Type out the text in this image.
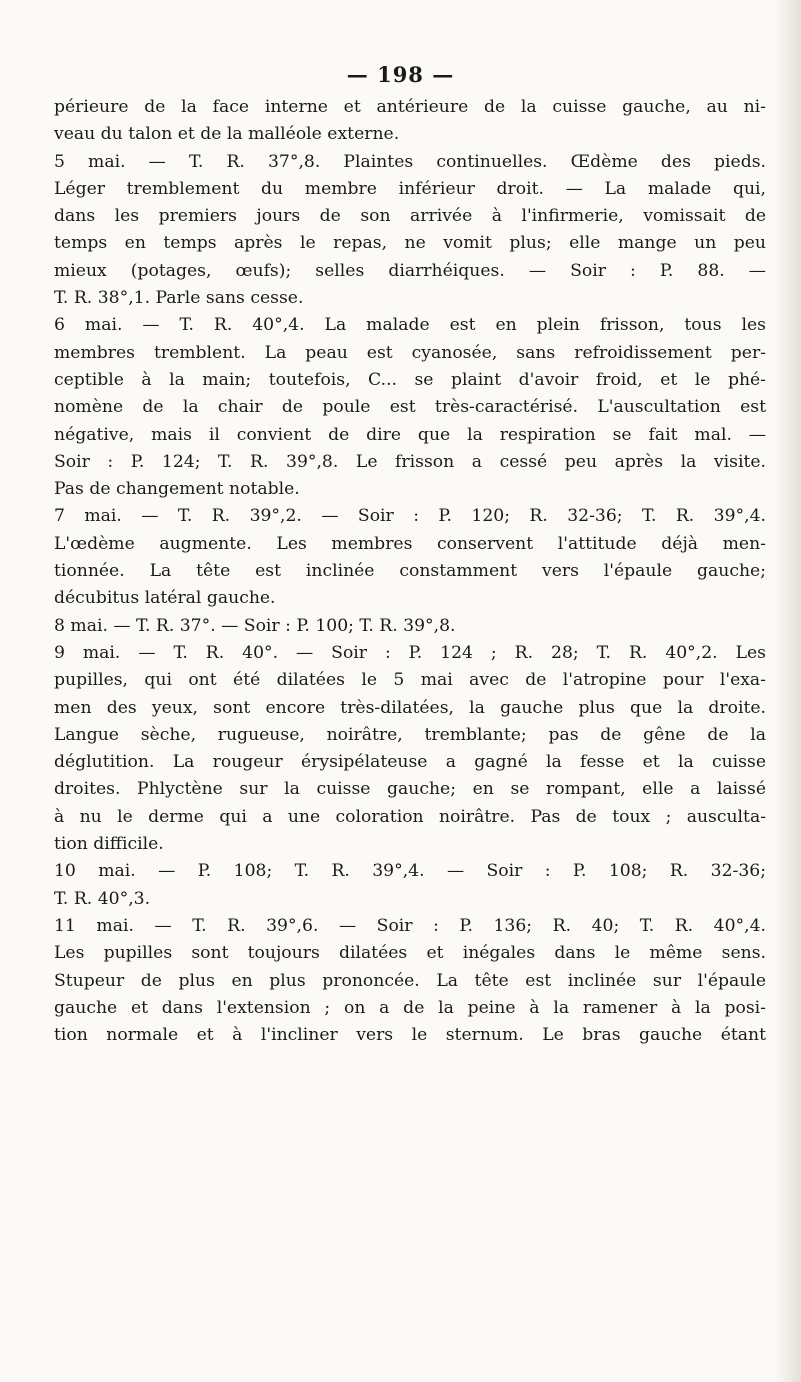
— 198 —
périeure de la face interne et antérieure de la cuisse gauche, au ni-
veau du talon et de la malléole externe.
5 mai. — T. R. 37°,8. Plaintes continuelles. Œdème des pieds.
Léger tremblement du membre inférieur droit. — La malade qui,
dans les premiers jours de son arrivée à l'infirmerie, vomissait de
temps en temps après le repas, ne vomit plus; elle mange un peu
mieux (potages, œufs); selles diarrhéiques. — Soir : P. 88. —
T. R. 38°,1. Parle sans cesse.
6 mai. — T. R. 40°,4. La malade est en plein frisson, tous les
membres tremblent. La peau est cyanosée, sans refroidissement per-
ceptible à la main; toutefois, C... se plaint d'avoir froid, et le phé-
nomène de la chair de poule est très-caractérisé. L'auscultation est
négative, mais il convient de dire que la respiration se fait mal. —
Soir : P. 124; T. R. 39°,8. Le frisson a cessé peu après la visite.
Pas de changement notable.
7 mai. — T. R. 39°,2. — Soir : P. 120; R. 32-36; T. R. 39°,4.
L'œdème augmente. Les membres conservent l'attitude déjà men-
tionnée. La tête est inclinée constamment vers l'épaule gauche;
décubitus latéral gauche.
8 mai. — T. R. 37°. — Soir : P. 100; T. R. 39°,8.
9 mai. — T. R. 40°. — Soir : P. 124 ; R. 28; T. R. 40°,2. Les
pupilles, qui ont été dilatées le 5 mai avec de l'atropine pour l'exa-
men des yeux, sont encore très-dilatées, la gauche plus que la droite.
Langue sèche, rugueuse, noirâtre, tremblante; pas de gêne de la
déglutition. La rougeur érysipélateuse a gagné la fesse et la cuisse
droites. Phlyctène sur la cuisse gauche; en se rompant, elle a laissé
à nu le derme qui a une coloration noirâtre. Pas de toux ; ausculta-
tion difficile.
10 mai. — P. 108; T. R. 39°,4. — Soir : P. 108; R. 32-36;
T. R. 40°,3.
11 mai. — T. R. 39°,6. — Soir : P. 136; R. 40; T. R. 40°,4.
Les pupilles sont toujours dilatées et inégales dans le même sens.
Stupeur de plus en plus prononcée. La tête est inclinée sur l'épaule
gauche et dans l'extension ; on a de la peine à la ramener à la posi-
tion normale et à l'incliner vers le sternum. Le bras gauche étant
